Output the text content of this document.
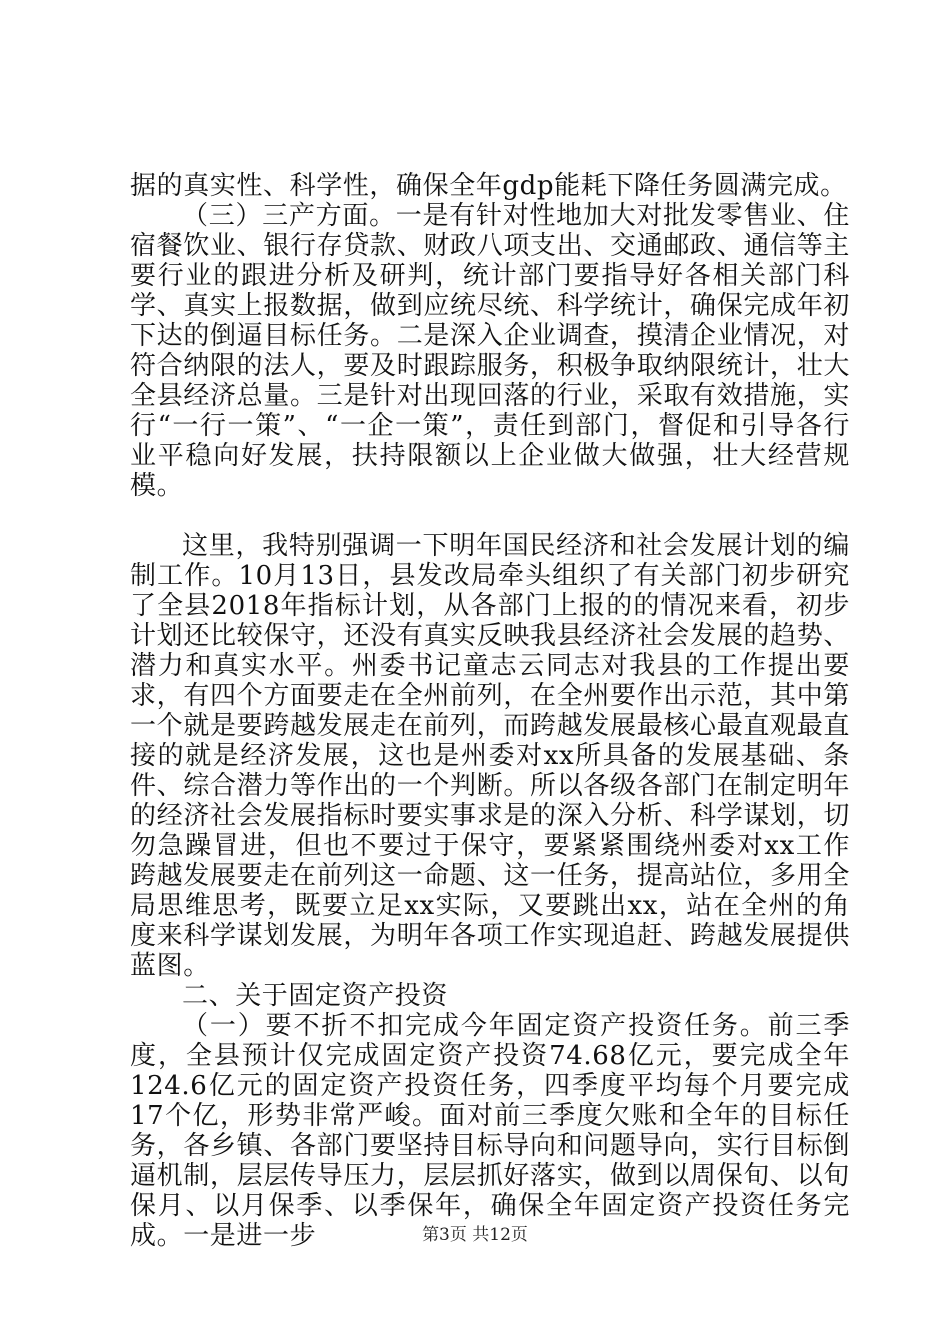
据的真实性、科学性，确保全年gdp能耗下降任务圆满完成。

（三）三产方面。一是有针对性地加大对批发零售业、住宿餐饮业、银行存贷款、财政八项支出、交通邮政、通信等主要行业的跟进分析及研判，统计部门要指导好各相关部门科学、真实上报数据，做到应统尽统、科学统计，确保完成年初下达的倒逼目标任务。二是深入企业调查，摸清企业情况，对符合纳限的法人，要及时跟踪服务，积极争取纳限统计，壮大全县经济总量。三是针对出现回落的行业，采取有效措施，实行“一行一策”、“一企一策”，责任到部门，督促和引导各行业平稳向好发展，扶持限额以上企业做大做强，壮大经营规模。

这里，我特别强调一下明年国民经济和社会发展计划的编制工作。10月13日，县发改局牵头组织了有关部门初步研究了全县2018年指标计划，从各部门上报的的情况来看，初步计划还比较保守，还没有真实反映我县经济社会发展的趋势、潜力和真实水平。州委书记童志云同志对我县的工作提出要求，有四个方面要走在全州前列，在全州要作出示范，其中第一个就是要跨越发展走在前列，而跨越发展最核心最直观最直接的就是经济发展，这也是州委对xx所具备的发展基础、条件、综合潜力等作出的一个判断。所以各级各部门在制定明年的经济社会发展指标时要实事求是的深入分析、科学谋划，切勿急躁冒进，但也不要过于保守，要紧紧围绕州委对xx工作跨越发展要走在前列这一命题、这一任务，提高站位，多用全局思维思考，既要立足xx实际，又要跳出xx，站在全州的角度来科学谋划发展，为明年各项工作实现追赶、跨越发展提供蓝图。

二、关于固定资产投资

（一）要不折不扣完成今年固定资产投资任务。前三季度，全县预计仅完成固定资产投资74.68亿元，要完成全年124.6亿元的固定资产投资任务，四季度平均每个月要完成17个亿，形势非常严峻。面对前三季度欠账和全年的目标任务，各乡镇、各部门要坚持目标导向和问题导向，实行目标倒逼机制，层层传导压力，层层抓好落实，做到以周保旬、以旬保月、以月保季、以季保年，确保全年固定资产投资任务完成。一是进一步	第3页 共12页
